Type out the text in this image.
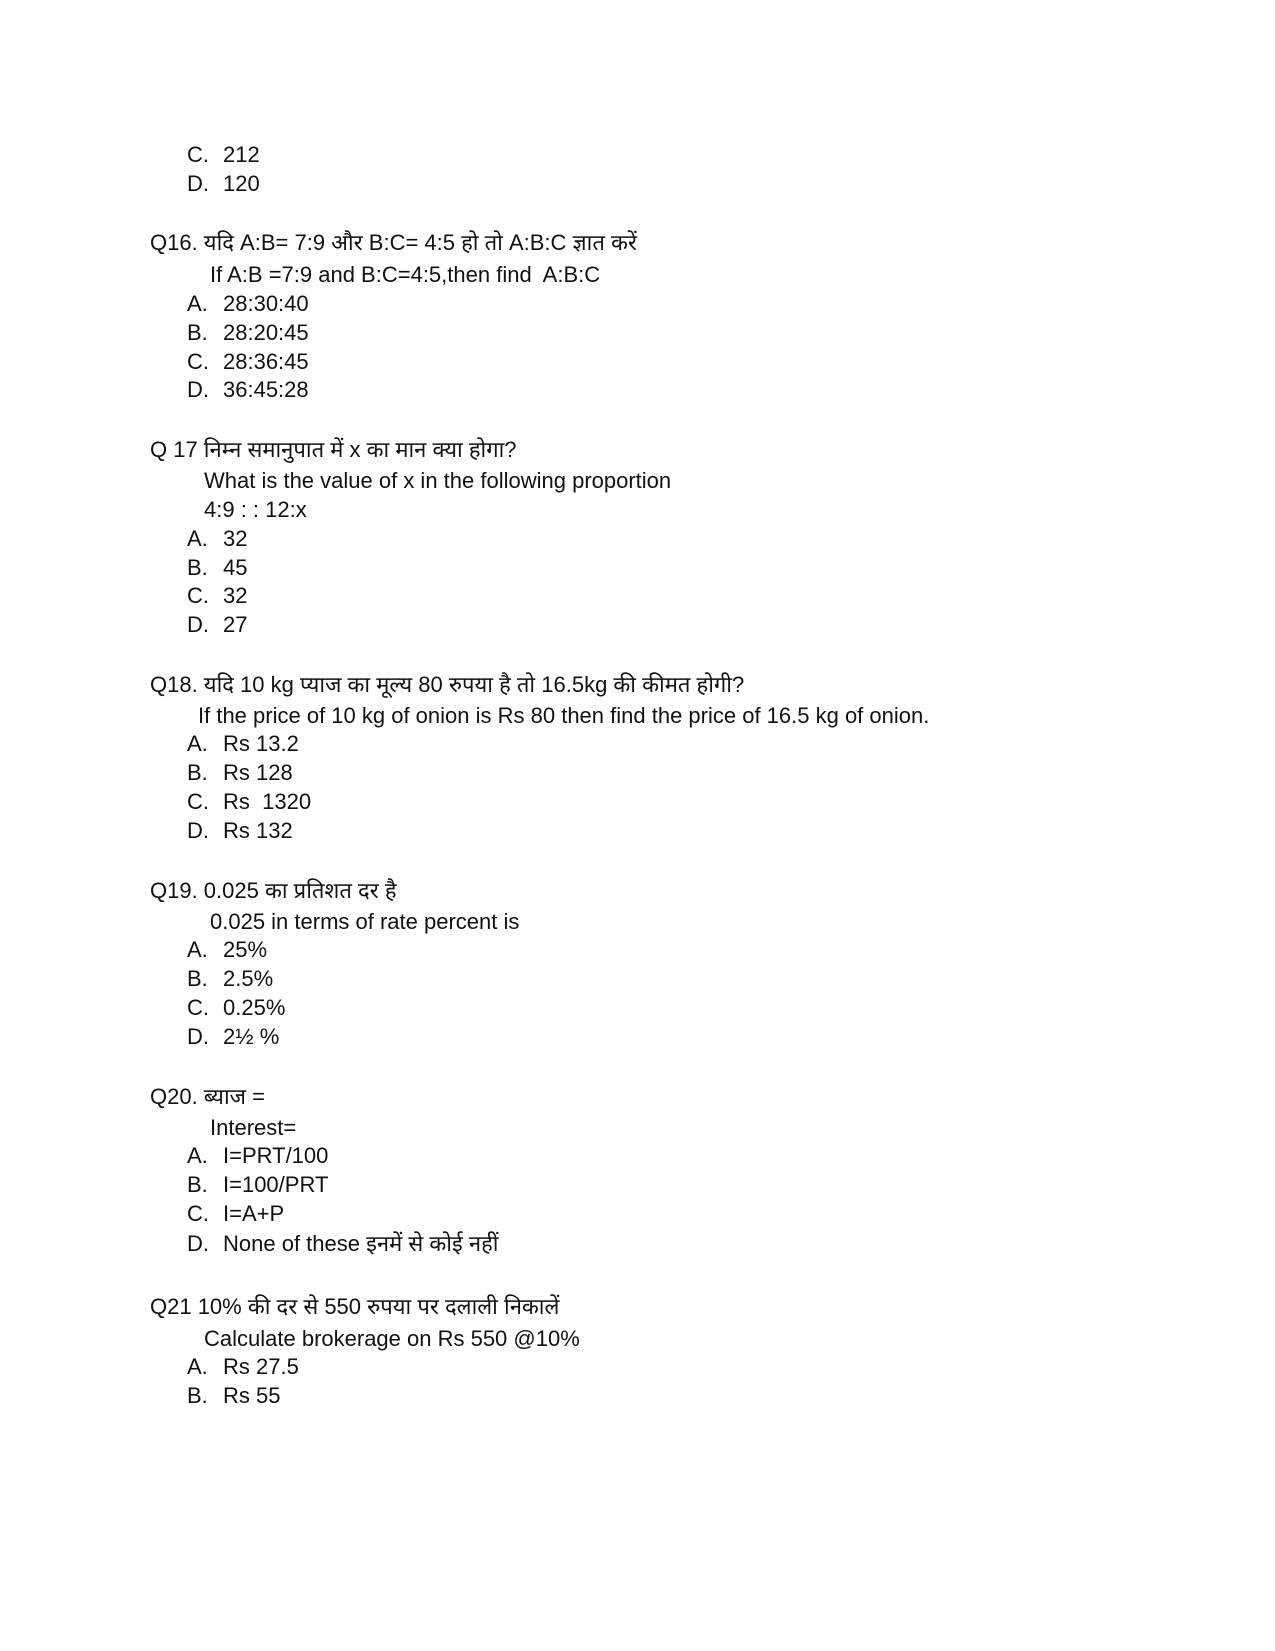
C. 212
D. 120
Q16. यदि A:B= 7:9 और B:C= 4:5 हो तो A:B:C ज्ञात करें
If A:B =7:9 and B:C=4:5,then find  A:B:C
A. 28:30:40
B. 28:20:45
C. 28:36:45
D. 36:45:28
Q 17 निम्न समानुपात में x का मान क्या होगा?
What is the value of x in the following proportion
4:9 : : 12:x
A. 32
B. 45
C. 32
D. 27
Q18. यदि 10 kg प्याज का मूल्य 80 रुपया है तो 16.5kg की कीमत होगी?
If the price of 10 kg of onion is Rs 80 then find the price of 16.5 kg of onion.
A. Rs 13.2
B. Rs 128
C. Rs  1320
D. Rs 132
Q19. 0.025 का प्रतिशत दर है
0.025 in terms of rate percent is
A. 25%
B. 2.5%
C. 0.25%
D. 2½ %
Q20. ब्याज =
Interest=
A. I=PRT/100
B. I=100/PRT
C. I=A+P
D. None of these इनमें से कोई नहीं
Q21 10% की दर से 550 रुपया पर दलाली निकालें
Calculate brokerage on Rs 550 @10%
A. Rs 27.5
B. Rs 55
